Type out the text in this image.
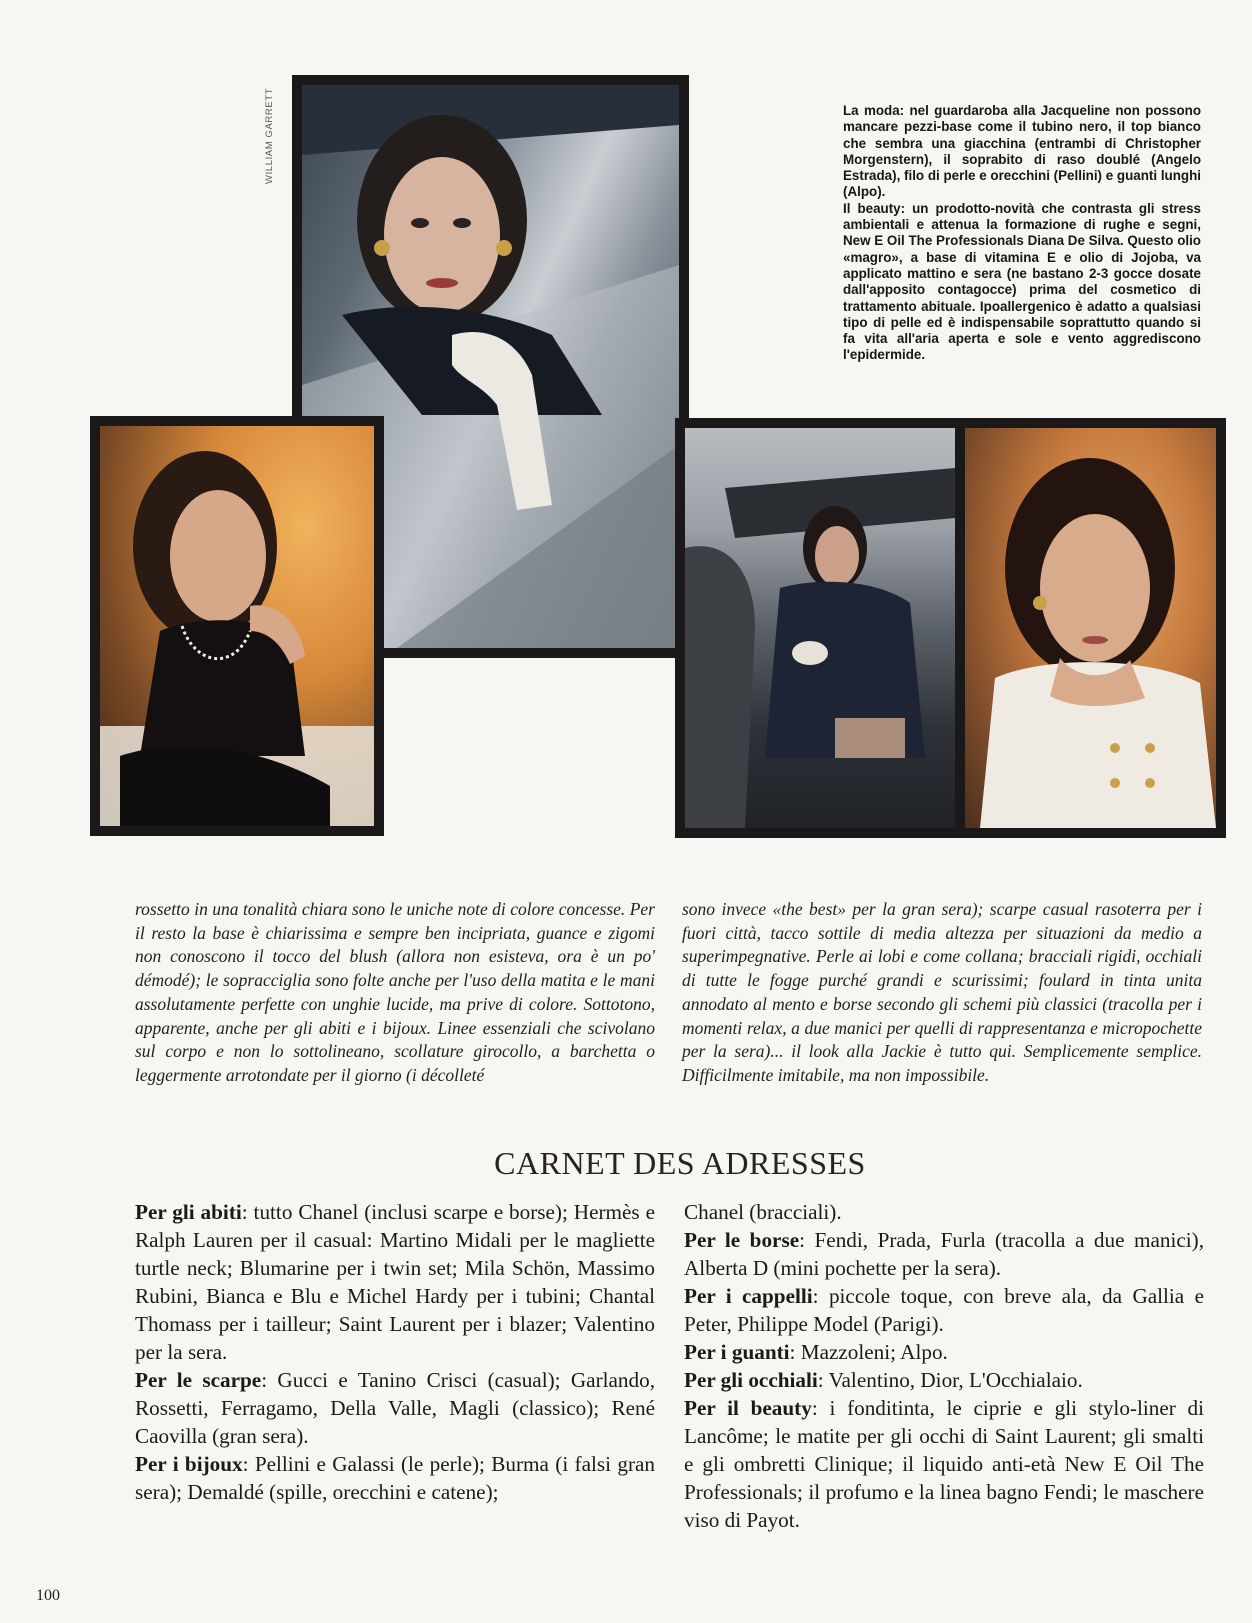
WILLIAM GARRETT	La moda: nel guardaroba alla Jacqueline non possono mancare pezzi-base come il tubino nero, il top bianco che sembra una giacchina (entrambi di Christopher Morgenstern), il soprabito di raso doublé (Angelo Estrada), filo di perle e orecchini (Pellini) e guanti lunghi (Alpo).

Il beauty: un prodotto-novità che contrasta gli stress ambientali e attenua la formazione di rughe e segni, New E Oil The Professionals Diana De Silva. Questo olio «magro», a base di vitamina E e olio di Jojoba, va applicato mattino e sera (ne bastano 2-3 gocce dosate dall'apposito contagocce) prima del cosmetico di trattamento abituale. Ipoallergenico è adatto a qualsiasi tipo di pelle ed è indispensabile soprattutto quando si fa vita all'aria aperta e sole e vento aggrediscono l'epidermide.

rossetto in una tonalità chiara sono le uniche note di colore concesse. Per il resto la base è chiarissima e sempre ben incipriata, guance e zigomi non conoscono il tocco del blush (allora non esisteva, ora è un po' démodé); le sopracciglia sono folte anche per l'uso della matita e le mani assolutamente perfette con unghie lucide, ma prive di colore. Sottotono, apparente, anche per gli abiti e i bijoux. Linee essenziali che scivolano sul corpo e non lo sottolineano, scollature girocollo, a barchetta o leggermente arrotondate per il giorno (i décolleté

sono invece «the best» per la gran sera); scarpe casual rasoterra per i fuori città, tacco sottile di media altezza per situazioni da medio a superimpegnative. Perle ai lobi e come collana; bracciali rigidi, occhiali di tutte le fogge purché grandi e scurissimi; foulard in tinta unita annodato al mento e borse secondo gli schemi più classici (tracolla per i momenti relax, a due manici per quelli di rappresentanza e micropochette per la sera)... il look alla Jackie è tutto qui. Semplicemente semplice. Difficilmente imitabile, ma non impossibile.

CARNET DES ADRESSES

Per gli abiti: tutto Chanel (inclusi scarpe e borse); Hermès e Ralph Lauren per il casual: Martino Midali per le magliette turtle neck; Blumarine per i twin set; Mila Schön, Massimo Rubini, Bianca e Blu e Michel Hardy per i tubini; Chantal Thomass per i tailleur; Saint Laurent per i blazer; Valentino per la sera.

Per le scarpe: Gucci e Tanino Crisci (casual); Garlando, Rossetti, Ferragamo, Della Valle, Magli (classico); René Caovilla (gran sera).

Per i bijoux: Pellini e Galassi (le perle); Burma (i falsi gran sera); Demaldé (spille, orecchini e catene);

Chanel (bracciali).

Per le borse: Fendi, Prada, Furla (tracolla a due manici), Alberta D (mini pochette per la sera).

Per i cappelli: piccole toque, con breve ala, da Gallia e Peter, Philippe Model (Parigi).

Per i guanti: Mazzoleni; Alpo.

Per gli occhiali: Valentino, Dior, L'Occhialaio.

Per il beauty: i fonditinta, le ciprie e gli stylo-liner di Lancôme; le matite per gli occhi di Saint Laurent; gli smalti e gli ombretti Clinique; il liquido anti-età New E Oil The Professionals; il profumo e la linea bagno Fendi; le maschere viso di Payot.

100
